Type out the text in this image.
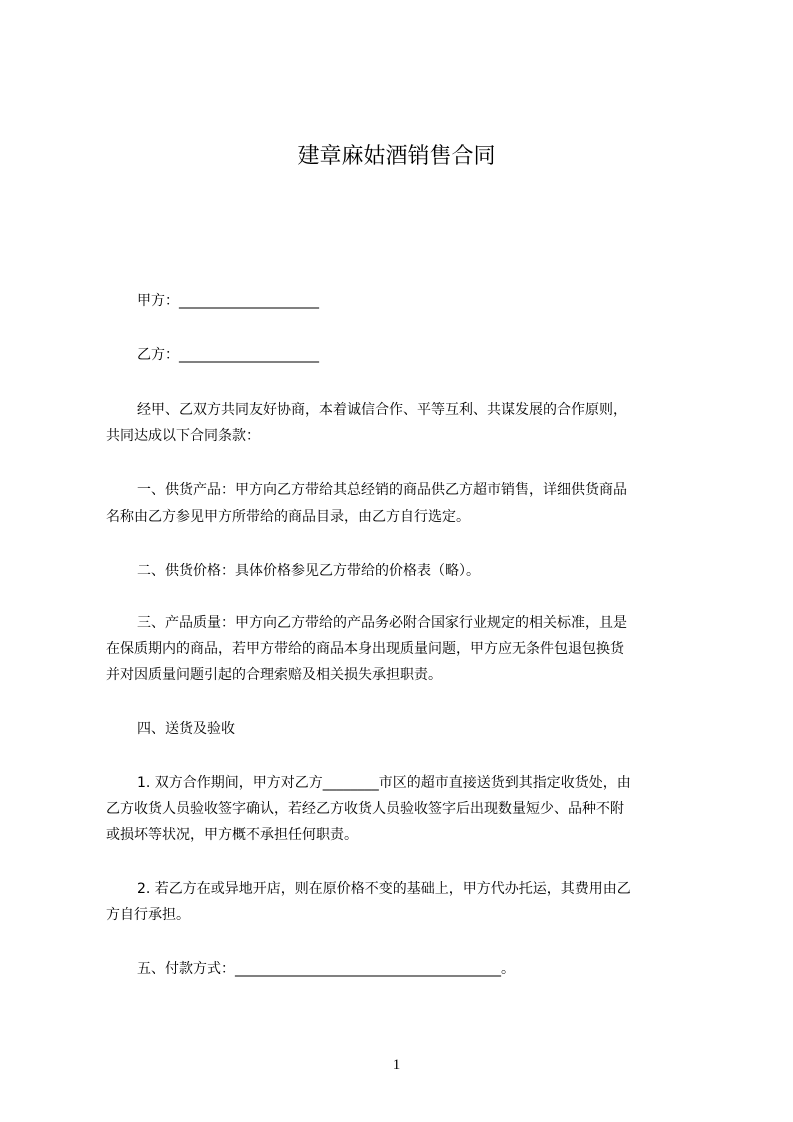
建章麻姑酒销售合同
甲方：____________________
乙方：____________________
经甲、乙双方共同友好协商，本着诚信合作、平等互利、共谋发展的合作原则，
共同达成以下合同条款：
一、供货产品：甲方向乙方带给其总经销的商品供乙方超市销售，详细供货商品
名称由乙方参见甲方所带给的商品目录，由乙方自行选定。
二、供货价格：具体价格参见乙方带给的价格表（略）。
三、产品质量：甲方向乙方带给的产品务必附合国家行业规定的相关标准，且是
在保质期内的商品，若甲方带给的商品本身出现质量问题，甲方应无条件包退包换货
并对因质量问题引起的合理索赔及相关损失承担职责。
四、送货及验收
1. 双方合作期间，甲方对乙方________市区的超市直接送货到其指定收货处，由
乙方收货人员验收签字确认，若经乙方收货人员验收签字后出现数量短少、品种不附
或损坏等状况，甲方概不承担任何职责。
2. 若乙方在或异地开店，则在原价格不变的基础上，甲方代办托运，其费用由乙
方自行承担。
五、付款方式：______________________________________。
1
